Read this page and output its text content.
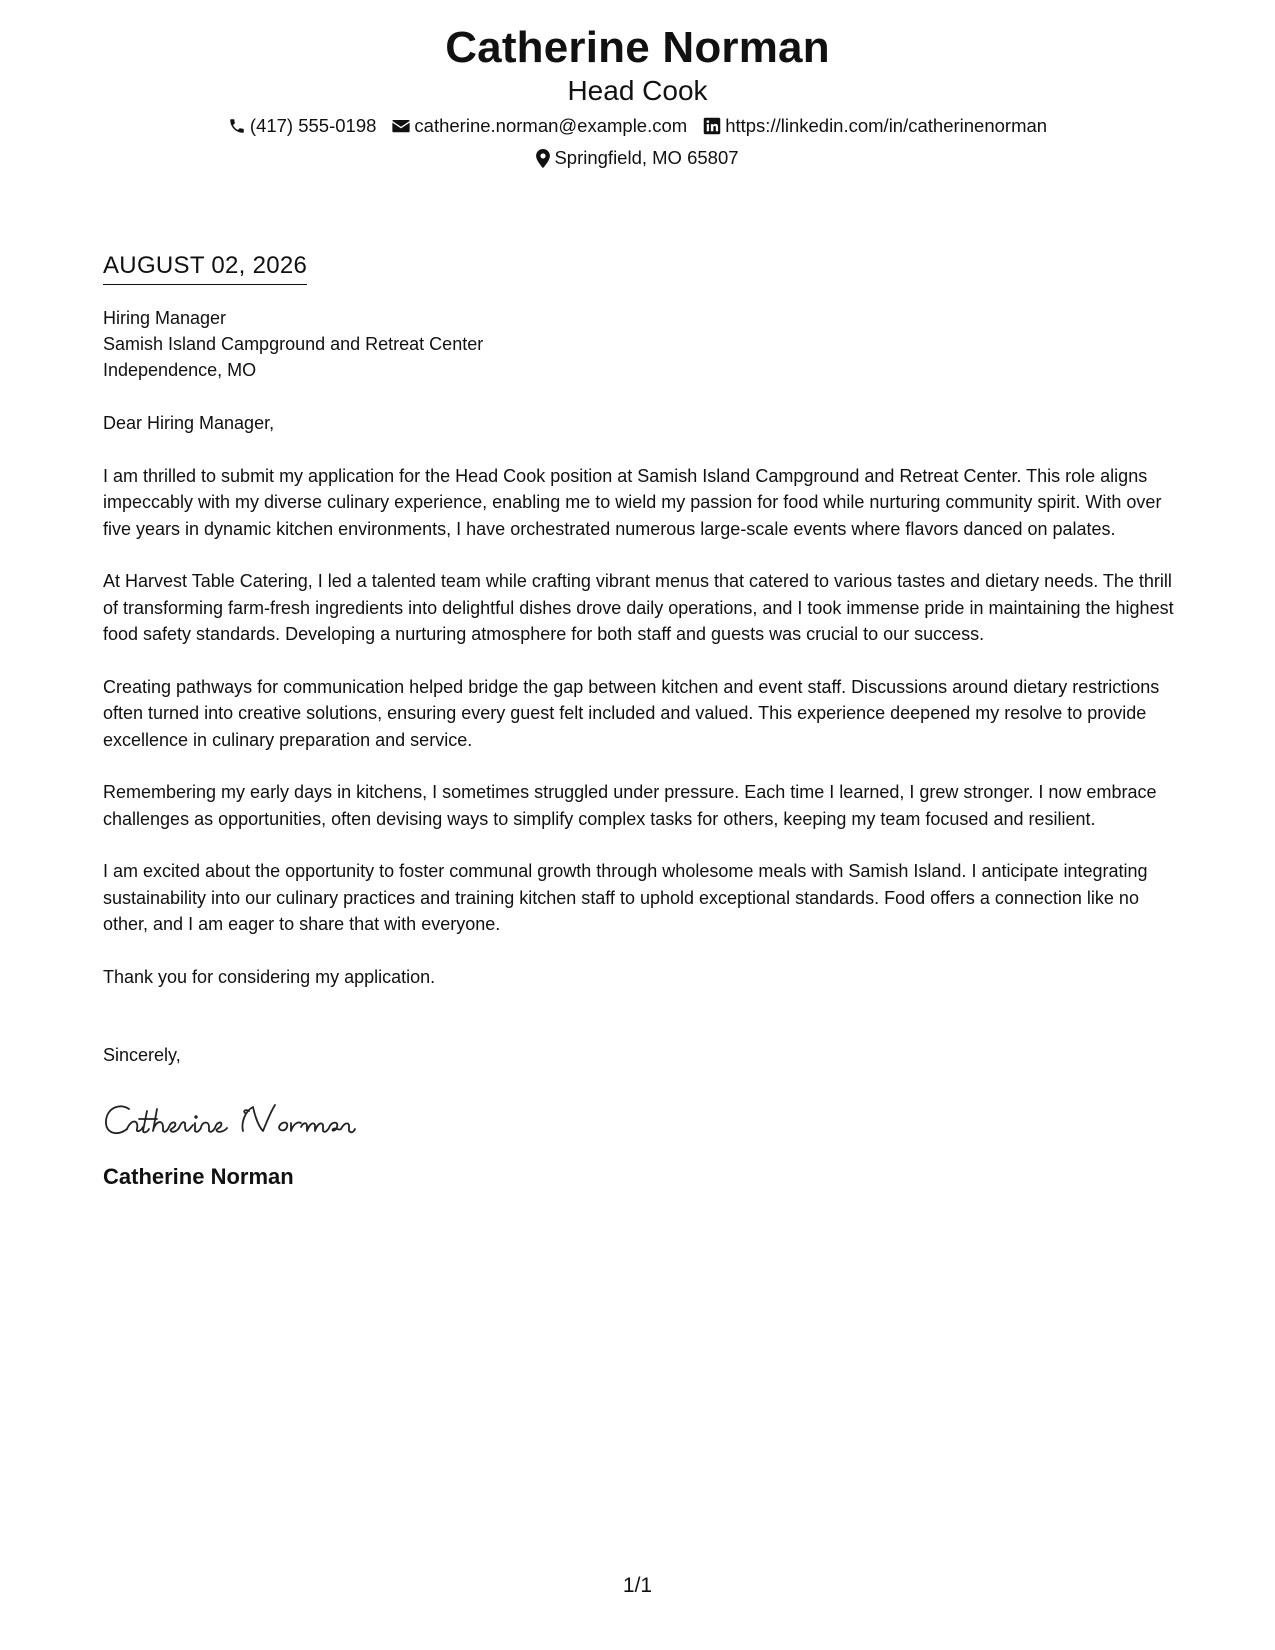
Catherine Norman
Head Cook
(417) 555-0198 catherine.norman@example.com https://linkedin.com/in/catherinenorman
Springfield, MO 65807
AUGUST 02, 2026
Hiring Manager
Samish Island Campground and Retreat Center
Independence, MO
Dear Hiring Manager,

I am thrilled to submit my application for the Head Cook position at Samish Island Campground and Retreat Center. This role aligns impeccably with my diverse culinary experience, enabling me to wield my passion for food while nurturing community spirit. With over five years in dynamic kitchen environments, I have orchestrated numerous large-scale events where flavors danced on palates.

At Harvest Table Catering, I led a talented team while crafting vibrant menus that catered to various tastes and dietary needs. The thrill of transforming farm-fresh ingredients into delightful dishes drove daily operations, and I took immense pride in maintaining the highest food safety standards. Developing a nurturing atmosphere for both staff and guests was crucial to our success.

Creating pathways for communication helped bridge the gap between kitchen and event staff. Discussions around dietary restrictions often turned into creative solutions, ensuring every guest felt included and valued. This experience deepened my resolve to provide excellence in culinary preparation and service.

Remembering my early days in kitchens, I sometimes struggled under pressure. Each time I learned, I grew stronger. I now embrace challenges as opportunities, often devising ways to simplify complex tasks for others, keeping my team focused and resilient.

I am excited about the opportunity to foster communal growth through wholesome meals with Samish Island. I anticipate integrating sustainability into our culinary practices and training kitchen staff to uphold exceptional standards. Food offers a connection like no other, and I am eager to share that with everyone.

Thank you for considering my application.
Sincerely,
Catherine Norman
1/1
